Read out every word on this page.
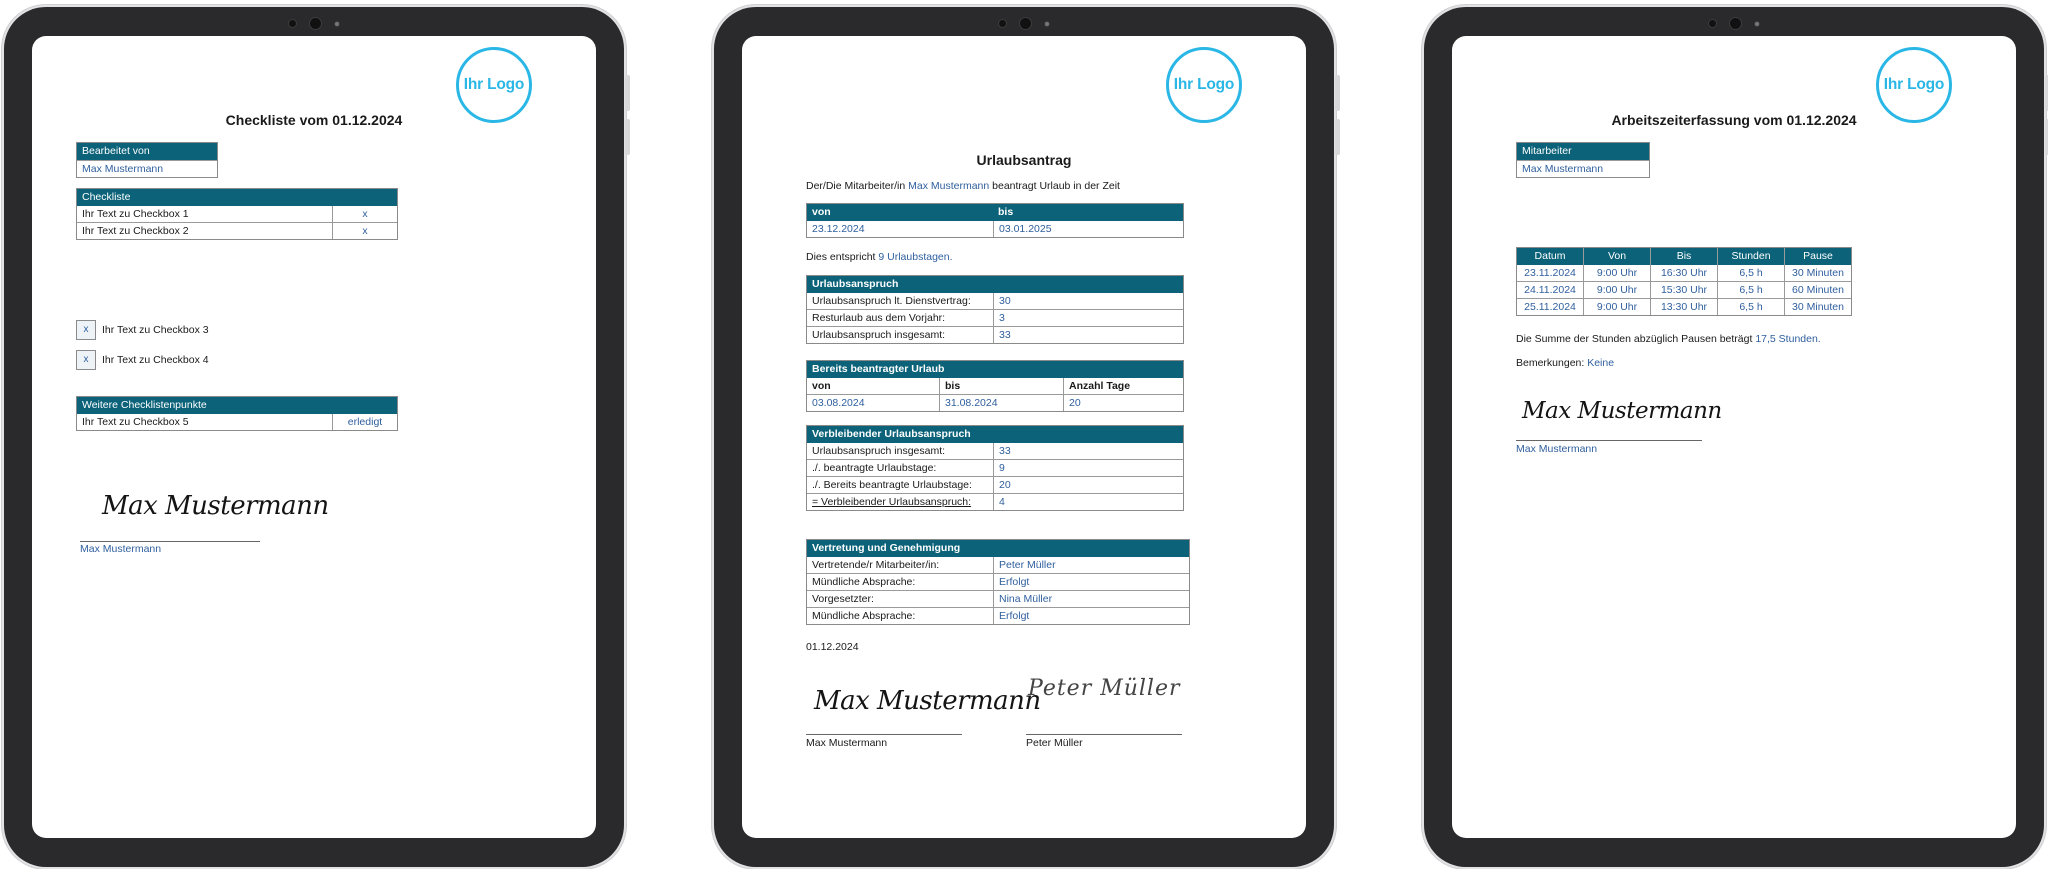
Ihr Logo
Checkliste vom 01.12.2024
Bearbeitet von
Max Mustermann
Checkliste
Ihr Text zu Checkbox 1	x
Ihr Text zu Checkbox 2	x
x	Ihr Text zu Checkbox 3
x	Ihr Text zu Checkbox 4
Weitere Checklistenpunkte
Ihr Text zu Checkbox 5	erledigt
Max Mustermann
Max Mustermann
Ihr Logo
Urlaubsantrag
Der/Die Mitarbeiter/in Max Mustermann beantragt Urlaub in der Zeit
von	bis
23.12.2024	03.01.2025
Dies entspricht 9 Urlaubstagen.
Urlaubsanspruch
Urlaubsanspruch lt. Dienstvertrag:	30
Resturlaub aus dem Vorjahr:	3
Urlaubsanspruch insgesamt:	33
Bereits beantragter Urlaub
von	bis	Anzahl Tage
03.08.2024	31.08.2024	20
Verbleibender Urlaubsanspruch
Urlaubsanspruch insgesamt:	33
./. beantragte Urlaubstage:	9
./. Bereits beantragte Urlaubstage:	20
= Verbleibender Urlaubsanspruch:	4
Vertretung und Genehmigung
Vertretende/r Mitarbeiter/in:	Peter Müller
Mündliche Absprache:	Erfolgt
Vorgesetzter:	Nina Müller
Mündliche Absprache:	Erfolgt
01.12.2024
Max Mustermann
Peter Müller
Max Mustermann	Peter Müller
Ihr Logo
Arbeitszeiterfassung vom 01.12.2024
Mitarbeiter
Max Mustermann
Datum	Von	Bis	Stunden	Pause
23.11.2024	9:00 Uhr	16:30 Uhr	6,5 h	30 Minuten
24.11.2024	9:00 Uhr	15:30 Uhr	6,5 h	60 Minuten
25.11.2024	9:00 Uhr	13:30 Uhr	6,5 h	30 Minuten
Die Summe der Stunden abzüglich Pausen beträgt 17,5 Stunden.
Bemerkungen: Keine
Max Mustermann
Max Mustermann
